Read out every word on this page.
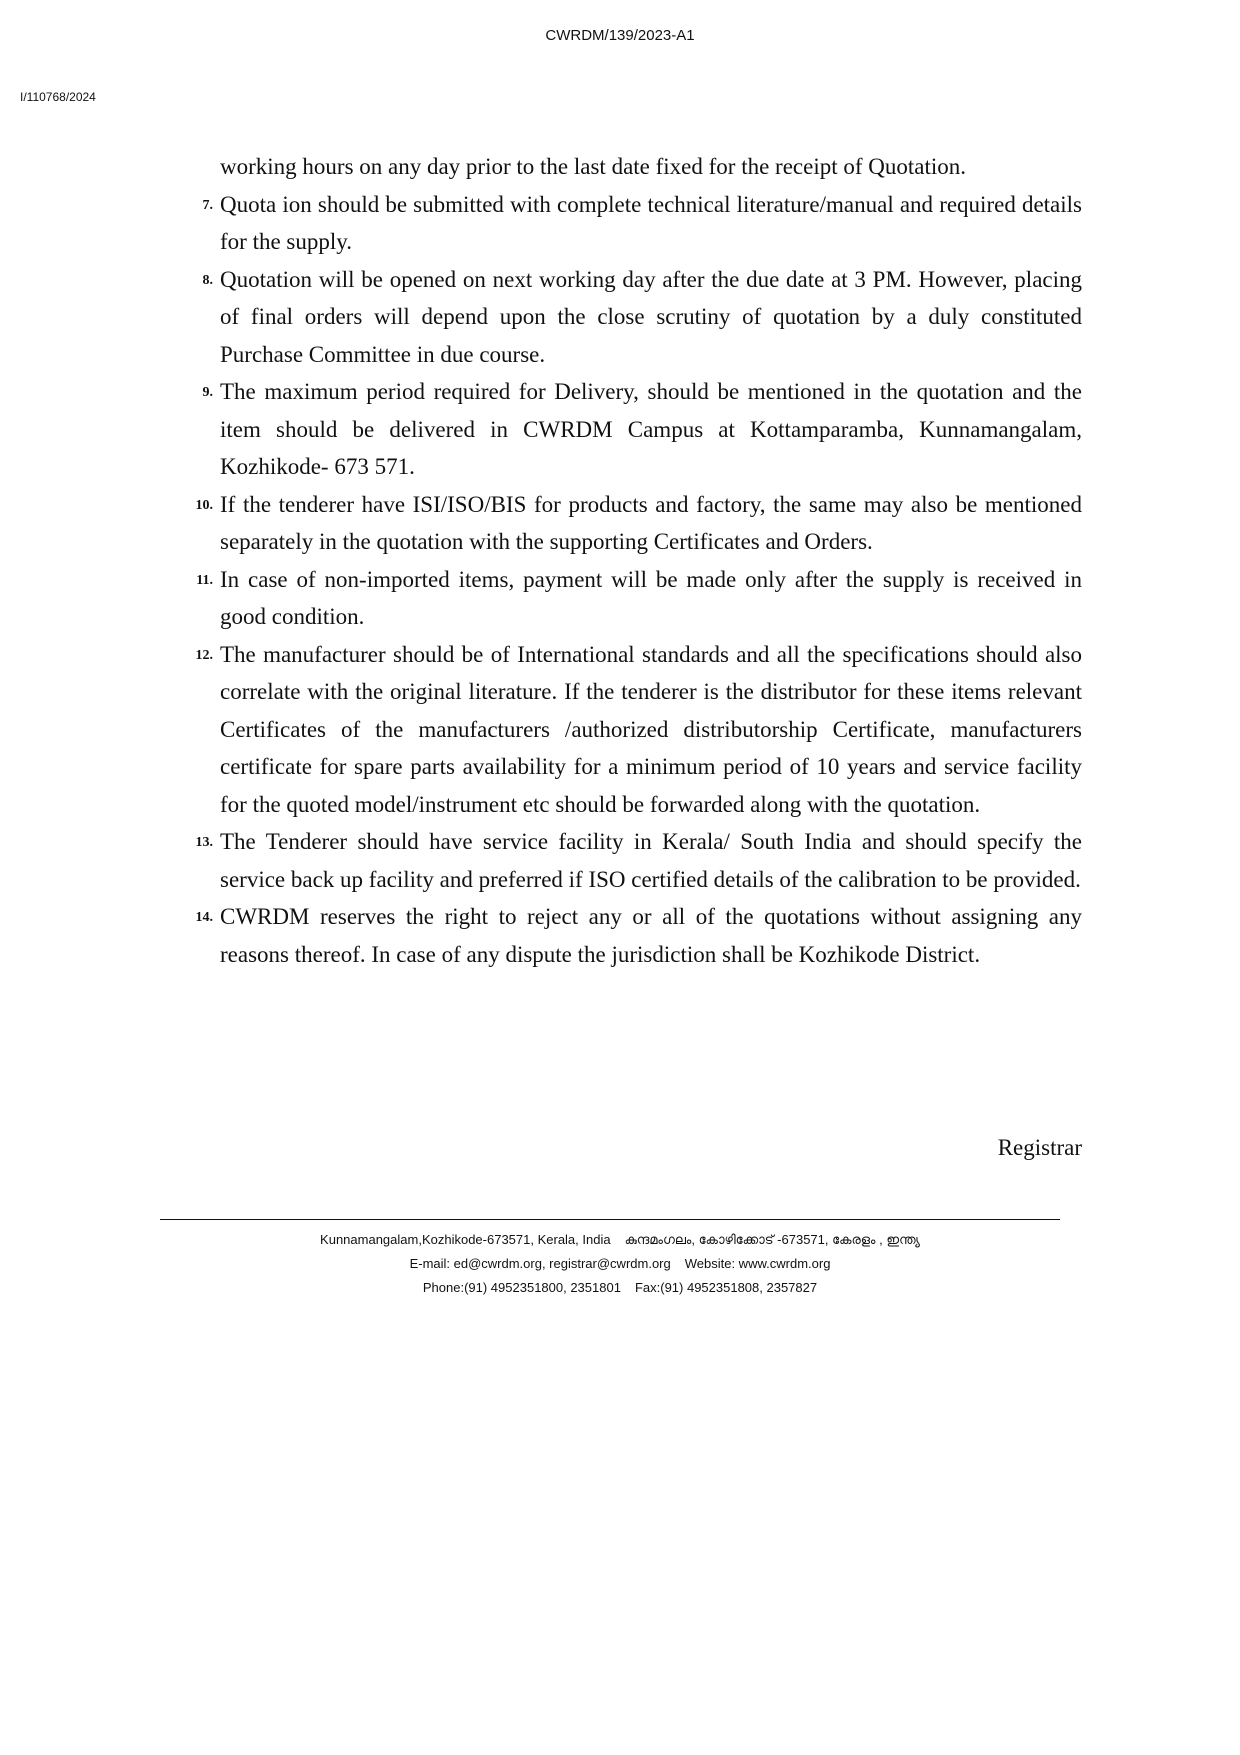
CWRDM/139/2023-A1
I/110768/2024
working hours on any day prior to the last date fixed for the receipt of Quotation.
7. Quota ion should be submitted with complete technical literature/manual and required details for the supply.
8. Quotation will be opened on next working day after the due date at 3 PM. However, placing of final orders will depend upon the close scrutiny of quotation by a duly constituted Purchase Committee in due course.
9. The maximum period required for Delivery, should be mentioned in the quotation and the item should be delivered in CWRDM Campus at Kottamparamba, Kunnamangalam, Kozhikode- 673 571.
10. If the tenderer have ISI/ISO/BIS for products and factory, the same may also be mentioned separately in the quotation with the supporting Certificates and Orders.
11. In case of non-imported items, payment will be made only after the supply is received in good condition.
12. The manufacturer should be of International standards and all the specifications should also correlate with the original literature. If the tenderer is the distributor for these items relevant Certificates of the manufacturers /authorized distributorship Certificate, manufacturers certificate for spare parts availability for a minimum period of 10 years and service facility for the quoted model/instrument etc should be forwarded along with the quotation.
13. The Tenderer should have service facility in Kerala/ South India and should specify the service back up facility and preferred if ISO certified details of the calibration to be provided.
14. CWRDM reserves the right to reject any or all of the quotations without assigning any reasons thereof. In case of any dispute the jurisdiction shall be Kozhikode District.
Registrar
Kunnamangalam,Kozhikode-673571, Kerala, India കുന്ദമംഗലം, കോഴിക്കോട് -673571, കേരളം , ഇന്ത്യ
E-mail: ed@cwrdm.org, registrar@cwrdm.org Website: www.cwrdm.org
Phone:(91) 4952351800, 2351801 Fax:(91) 4952351808, 2357827
